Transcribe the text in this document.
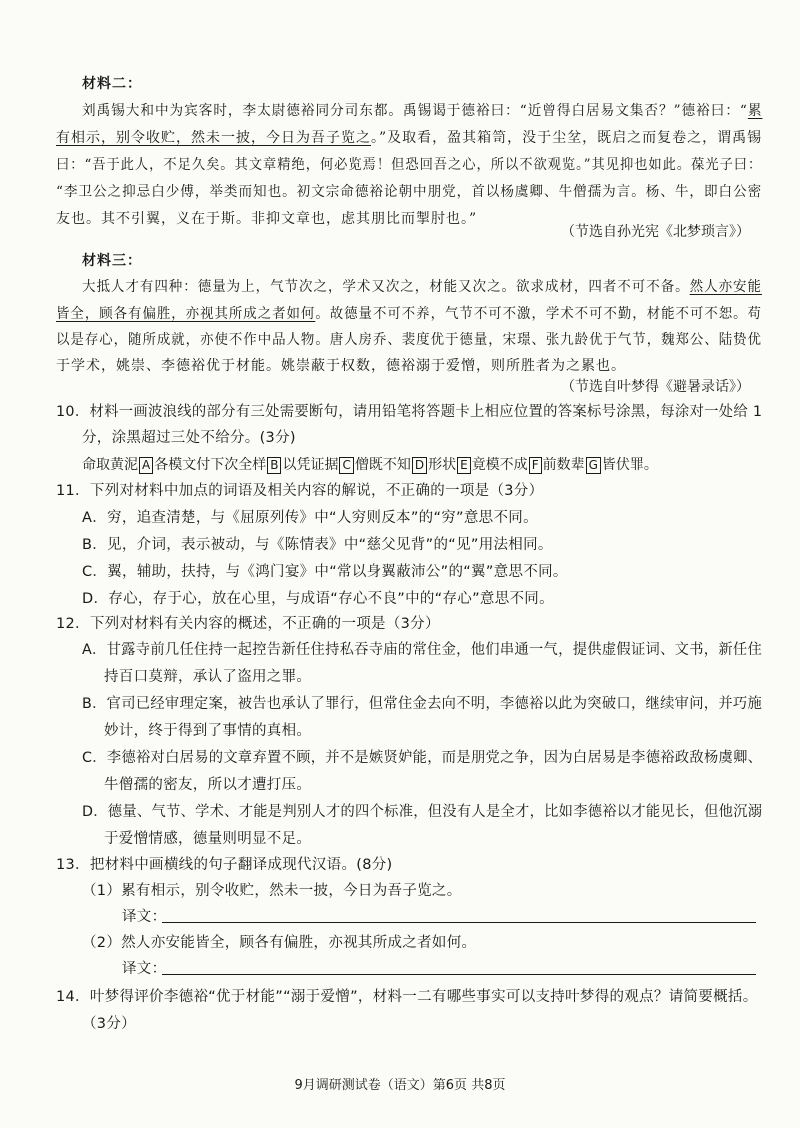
材料二：
刘禹锡大和中为宾客时，李太尉德裕同分司东都。禹锡谒于德裕曰：“近曾得白居易文集否？”德裕曰：“累
有相示，别令收贮，然未一披，今日为吾子览之。”及取看，盈其箱笥，没于尘坌，既启之而复卷之，谓禹锡
曰：“吾于此人，不足久矣。其文章精绝，何必览焉！但恐回吾之心，所以不欲观览。”其见抑也如此。葆光子曰：
“李卫公之抑忌白少傅，举类而知也。初文宗命德裕论朝中朋党，首以杨虞卿、牛僧孺为言。杨、牛，即白公密
友也。其不引翼，义在于斯。非抑文章也，虑其朋比而掣肘也。”
（节选自孙光宪《北梦琐言》）
材料三：
大抵人才有四种：德量为上，气节次之，学术又次之，材能又次之。欲求成材，四者不可不备。然人亦安能
皆全，顾各有偏胜，亦视其所成之者如何。故德量不可不养，气节不可不激，学术不可不勤，材能不可不恕。苟
以是存心，随所成就，亦使不作中品人物。唐人房乔、裴度优于德量，宋璟、张九龄优于气节，魏郑公、陆贽优
于学术，姚崇、李德裕优于材能。姚崇蔽于权数，德裕溺于爱憎，则所胜者为之累也。
（节选自叶梦得《避暑录话》）
10．材料一画波浪线的部分有三处需要断句，请用铅笔将答题卡上相应位置的答案标号涂黑，每涂对一处给 1
分，涂黑超过三处不给分。(3分)
命取黄泥 A 各模文付下次全样 B 以凭证据 C 僧既不知 D 形状 E 竟模不成 F 前数辈 G 皆伏罪。
11．下列对材料中加点的词语及相关内容的解说，不正确的一项是（3分）
A．穷，追查清楚，与《屈原列传》中“人穷则反本”的“穷”意思不同。
B．见，介词，表示被动，与《陈情表》中“慈父见背”的“见”用法相同。
C．翼，辅助，扶持，与《鸿门宴》中“常以身翼蔽沛公”的“翼”意思不同。
D．存心，存于心，放在心里，与成语“存心不良”中的“存心”意思不同。
12．下列对材料有关内容的概述，不正确的一项是（3分）
A．甘露寺前几任住持一起控告新任住持私吞寺庙的常住金，他们串通一气，提供虚假证词、文书，新任住
持百口莫辩，承认了盗用之罪。
B．官司已经审理定案，被告也承认了罪行，但常住金去向不明，李德裕以此为突破口，继续审问，并巧施
妙计，终于得到了事情的真相。
C．李德裕对白居易的文章弃置不顾，并不是嫉贤妒能，而是朋党之争，因为白居易是李德裕政敌杨虞卿、
牛僧孺的密友，所以才遭打压。
D．德量、气节、学术、才能是判别人才的四个标准，但没有人是全才，比如李德裕以才能见长，但他沉溺
于爱憎情感，德量则明显不足。
13．把材料中画横线的句子翻译成现代汉语。(8分)
（1）累有相示，别令收贮，然未一披，今日为吾子览之。
译文：
（2）然人亦安能皆全，顾各有偏胜，亦视其所成之者如何。
译文：
14．叶梦得评价李德裕“优于材能”“溺于爱憎”，材料一二有哪些事实可以支持叶梦得的观点？请简要概括。
（3分）
9月调研测试卷（语文）第6页 共8页
